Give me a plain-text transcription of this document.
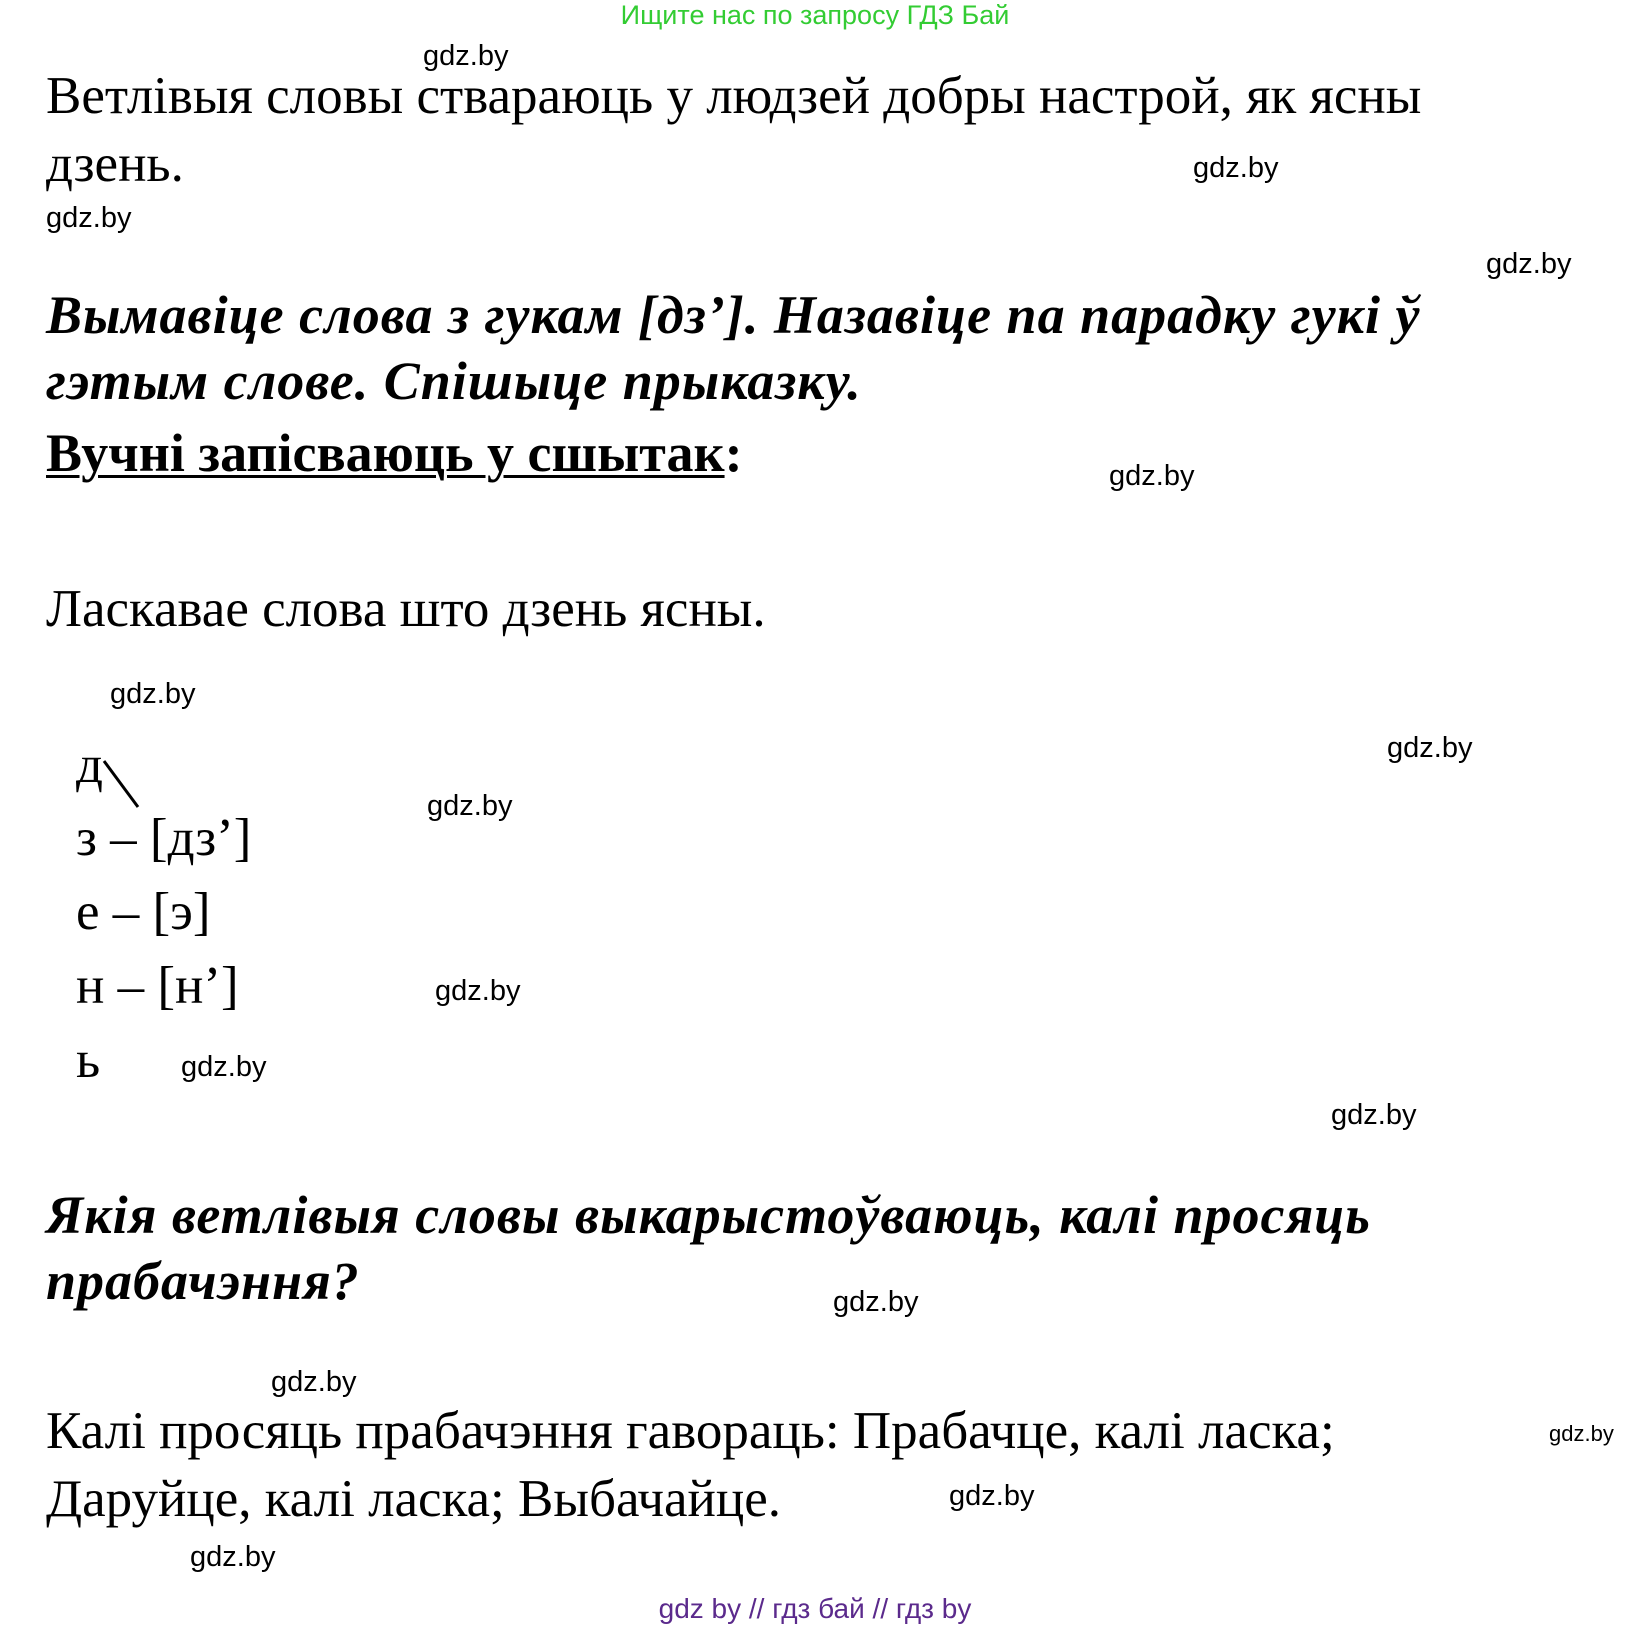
Ищите нас по запросу ГДЗ Бай
gdz.by
gdz.by
gdz.by
gdz.by
gdz.by
gdz.by
gdz.by
gdz.by
gdz.by
gdz.by
gdz.by
gdz.by
gdz.by
gdz.by
gdz.by
gdz.by
Ветлівыя словы ствараюць у людзей добры настрой, як ясны
дзень.
Вымавіце слова з гукам [дз’]. Назавіце па парадку гукі ў
гэтым слове. Спішыце прыказку.
Вучні запісваюць у сшытак:
Ласкавае слова што дзень ясны.
д
з – [дз’]
е – [э]
н – [н’]
ь
Якія ветлівыя словы выкарыстоўваюць, калі просяць
прабачэння?
Калі просяць прабачэння гавораць: Прабачце, калі ласка;
Даруйце, калі ласка; Выбачайце.
gdz by // гдз бай // гдз by
